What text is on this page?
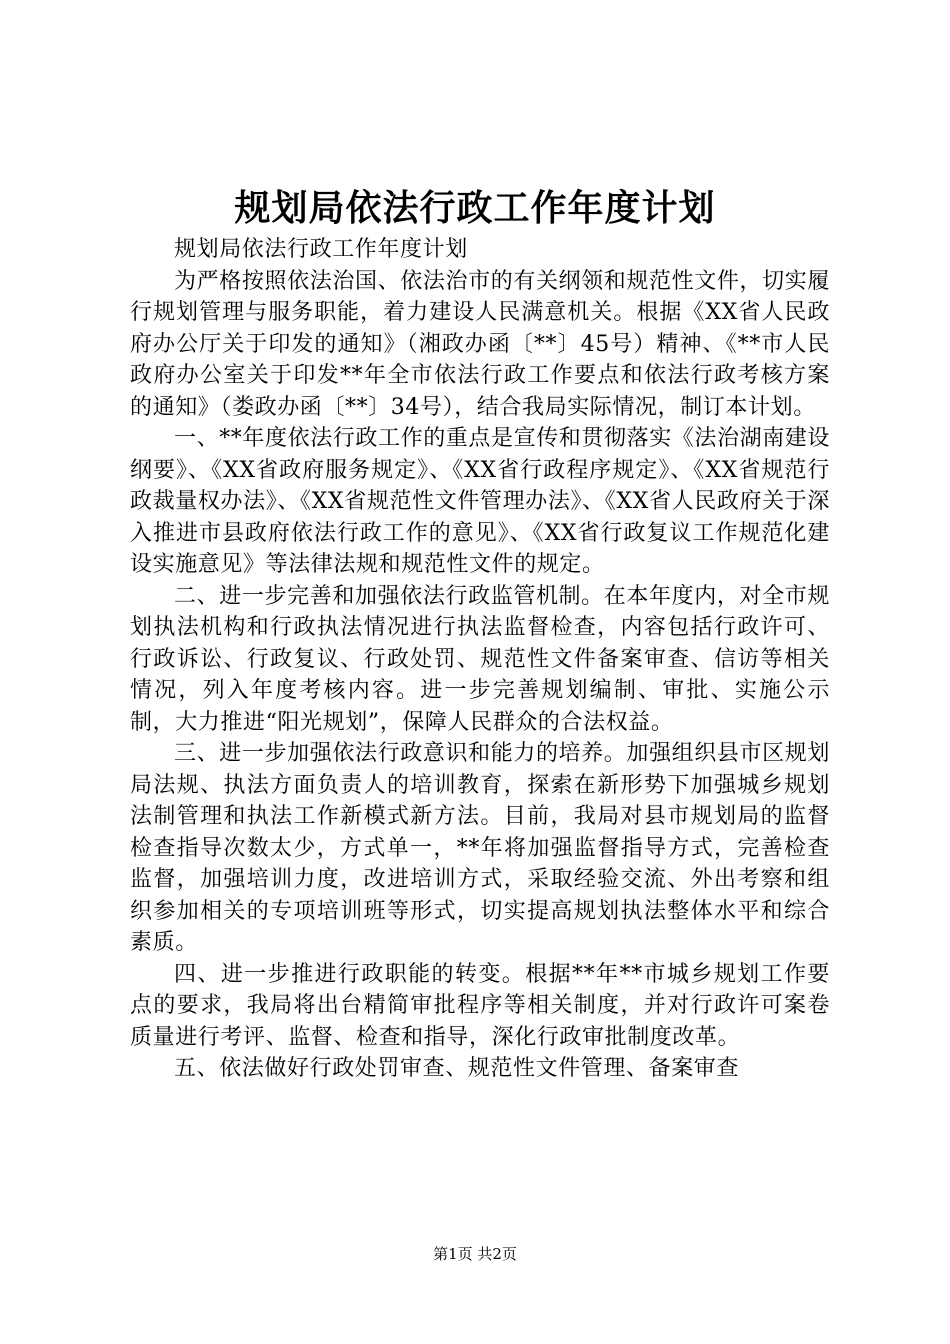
规划局依法行政工作年度计划

规划局依法行政工作年度计划

为严格按照依法治国、依法治市的有关纲领和规范性文件，切实履行规划管理与服务职能，着力建设人民满意机关。根据《XX省人民政府办公厅关于印发的通知》（湘政办函〔**〕45号）精神、《**市人民政府办公室关于印发**年全市依法行政工作要点和依法行政考核方案的通知》（娄政办函〔**〕34号），结合我局实际情况，制订本计划。

一、**年度依法行政工作的重点是宣传和贯彻落实《法治湖南建设纲要》、《XX省政府服务规定》、《XX省行政程序规定》、《XX省规范行政裁量权办法》、《XX省规范性文件管理办法》、《XX省人民政府关于深入推进市县政府依法行政工作的意见》、《XX省行政复议工作规范化建设实施意见》等法律法规和规范性文件的规定。

二、进一步完善和加强依法行政监管机制。在本年度内，对全市规划执法机构和行政执法情况进行执法监督检查，内容包括行政许可、行政诉讼、行政复议、行政处罚、规范性文件备案审查、信访等相关情况，列入年度考核内容。进一步完善规划编制、审批、实施公示制，大力推进“阳光规划”，保障人民群众的合法权益。

三、进一步加强依法行政意识和能力的培养。加强组织县市区规划局法规、执法方面负责人的培训教育，探索在新形势下加强城乡规划法制管理和执法工作新模式新方法。目前，我局对县市规划局的监督检查指导次数太少，方式单一，**年将加强监督指导方式，完善检查监督，加强培训力度，改进培训方式，采取经验交流、外出考察和组织参加相关的专项培训班等形式，切实提高规划执法整体水平和综合素质。

四、进一步推进行政职能的转变。根据**年**市城乡规划工作要点的要求，我局将出台精简审批程序等相关制度，并对行政许可案卷质量进行考评、监督、检查和指导，深化行政审批制度改革。

五、依法做好行政处罚审查、规范性文件管理、备案审查

第1页 共2页
